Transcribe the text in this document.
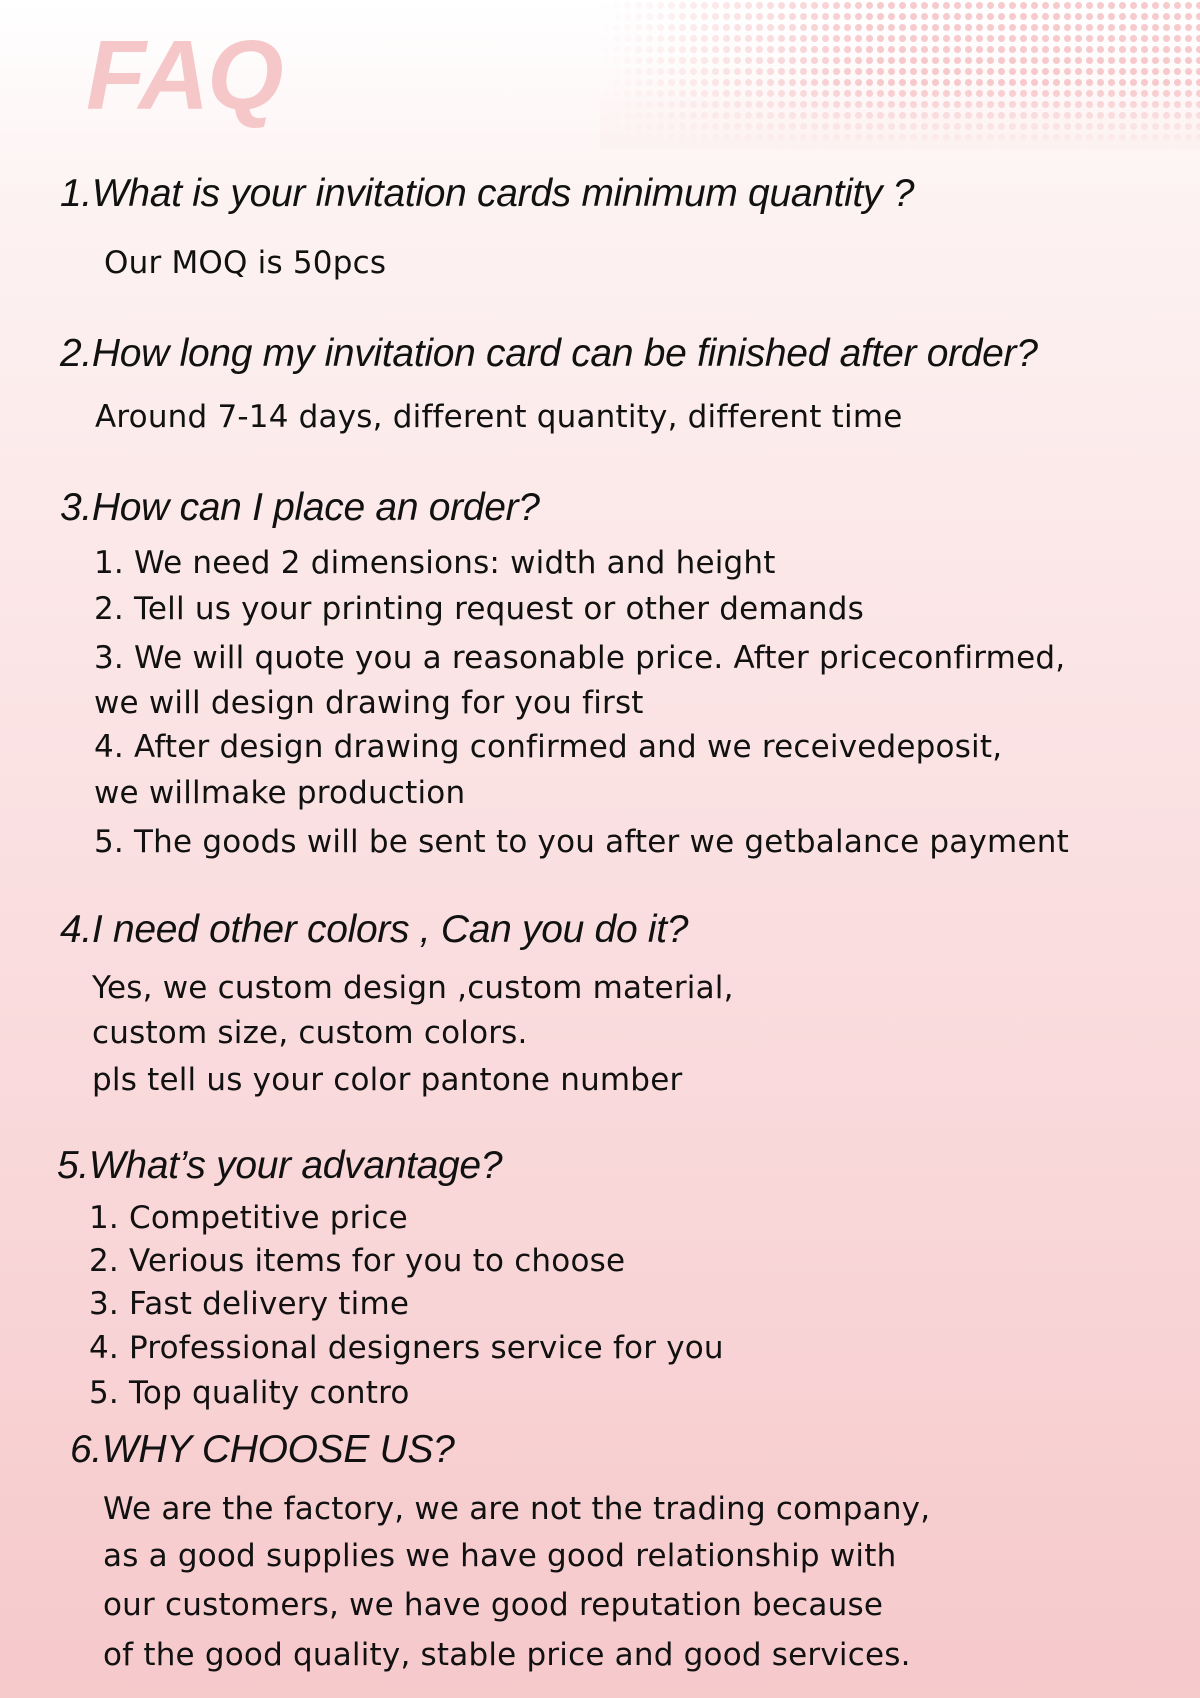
FAQ
1.What is your invitation cards minimum quantity ?
Our MOQ is 50pcs
2.How long my invitation card can be finished after order?
Around 7-14 days, different quantity, different time
3.How can I place an order?
1. We need 2 dimensions: width and height
2. Tell us your printing request or other demands
3. We will quote you a reasonable price. After priceconfirmed,
we will design drawing for you first
4. After design drawing confirmed and we receivedeposit,
we willmake production
5. The goods will be sent to you after we getbalance payment
4.I need other colors , Can you do it?
Yes, we custom design ,custom material,
custom size, custom colors.
pls tell us your color pantone number
5.What’s your advantage?
1. Competitive price
2. Verious items for you to choose
3. Fast delivery time
4. Professional designers service for you
5. Top quality contro
6.WHY CHOOSE US?
We are the factory, we are not the trading company,
as a good supplies we have good relationship with
our customers, we have good reputation because
of the good quality, stable price and good services.
